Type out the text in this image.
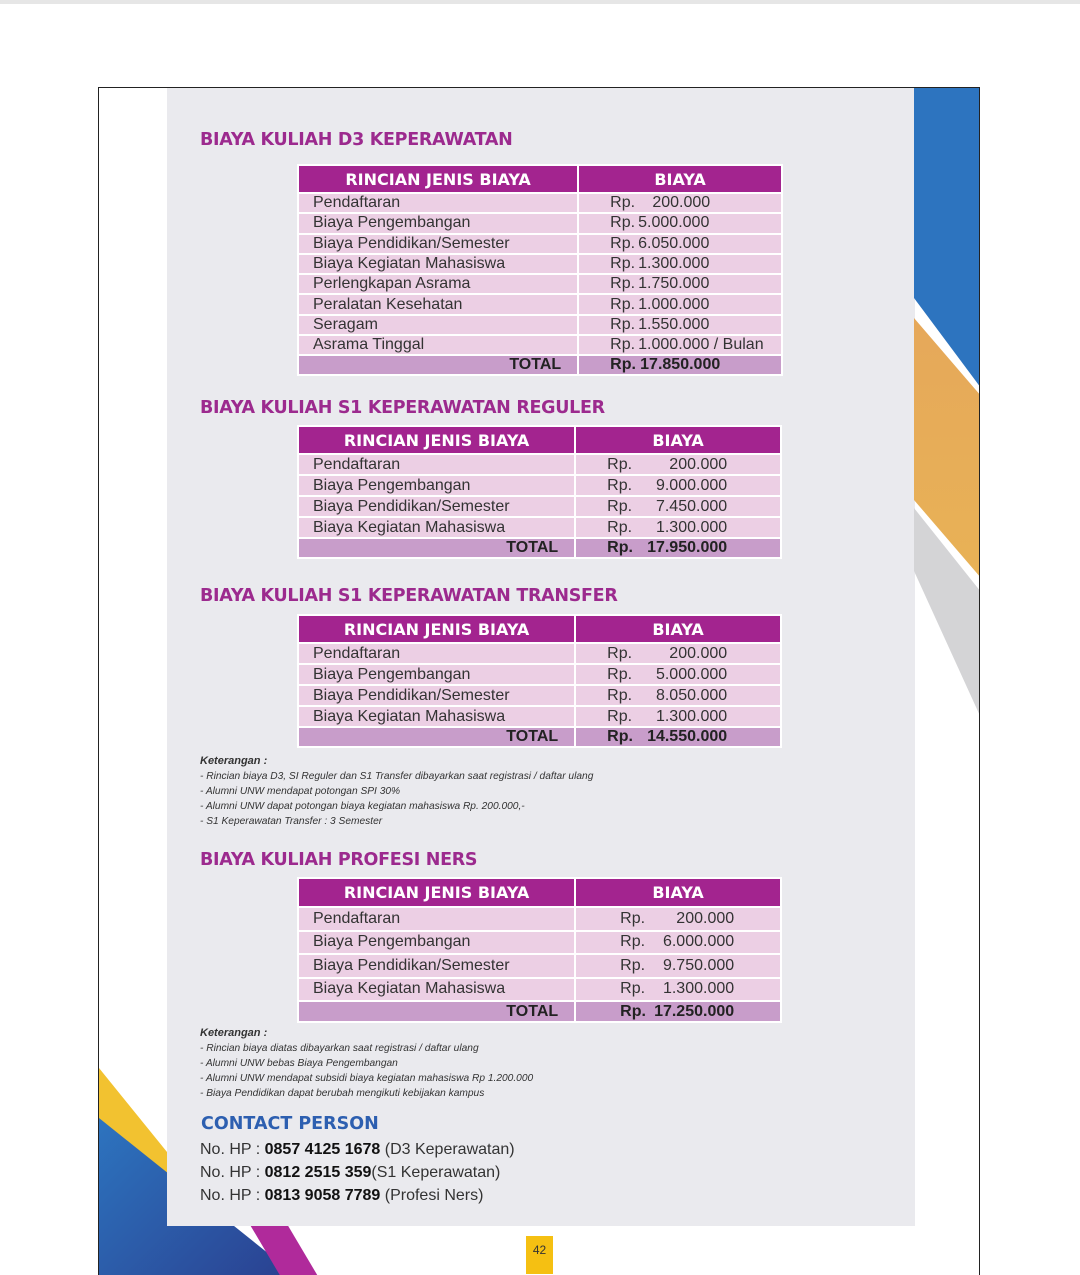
BIAYA KULIAH D3 KEPERAWATAN
RINCIAN JENIS BIAYA	BIAYA
Pendaftaran	Rp. 200.000
Biaya Pengembangan	Rp. 5.000.000
Biaya Pendidikan/Semester	Rp. 6.050.000
Biaya Kegiatan Mahasiswa	Rp. 1.300.000
Perlengkapan Asrama	Rp. 1.750.000
Peralatan Kesehatan	Rp. 1.000.000
Seragam	Rp. 1.550.000
Asrama Tinggal	Rp. 1.000.000 / Bulan
TOTAL	Rp. 17.850.000
BIAYA KULIAH S1 KEPERAWATAN REGULER
RINCIAN JENIS BIAYA	BIAYA
Pendaftaran	Rp. 200.000
Biaya Pengembangan	Rp. 9.000.000
Biaya Pendidikan/Semester	Rp. 7.450.000
Biaya Kegiatan Mahasiswa	Rp. 1.300.000
TOTAL	Rp. 17.950.000
BIAYA KULIAH S1 KEPERAWATAN TRANSFER
RINCIAN JENIS BIAYA	BIAYA
Pendaftaran	Rp. 200.000
Biaya Pengembangan	Rp. 5.000.000
Biaya Pendidikan/Semester	Rp. 8.050.000
Biaya Kegiatan Mahasiswa	Rp. 1.300.000
TOTAL	Rp. 14.550.000
Keterangan :
- Rincian biaya D3, SI Reguler dan S1 Transfer dibayarkan saat registrasi / daftar ulang
- Alumni UNW mendapat potongan SPI 30%
- Alumni UNW dapat potongan biaya kegiatan mahasiswa Rp. 200.000,-
- S1 Keperawatan Transfer : 3 Semester
BIAYA KULIAH PROFESI NERS
RINCIAN JENIS BIAYA	BIAYA
Pendaftaran	Rp. 200.000
Biaya Pengembangan	Rp. 6.000.000
Biaya Pendidikan/Semester	Rp. 9.750.000
Biaya Kegiatan Mahasiswa	Rp. 1.300.000
TOTAL	Rp. 17.250.000
Keterangan :
- Rincian biaya diatas dibayarkan saat registrasi / daftar ulang
- Alumni UNW bebas Biaya Pengembangan
- Alumni UNW mendapat subsidi biaya kegiatan mahasiswa Rp 1.200.000
- Biaya Pendidikan dapat berubah mengikuti kebijakan kampus
CONTACT PERSON
No. HP : 0857 4125 1678 (D3 Keperawatan)
No. HP : 0812 2515 359(S1 Keperawatan)
No. HP : 0813 9058 7789 (Profesi Ners)
42
